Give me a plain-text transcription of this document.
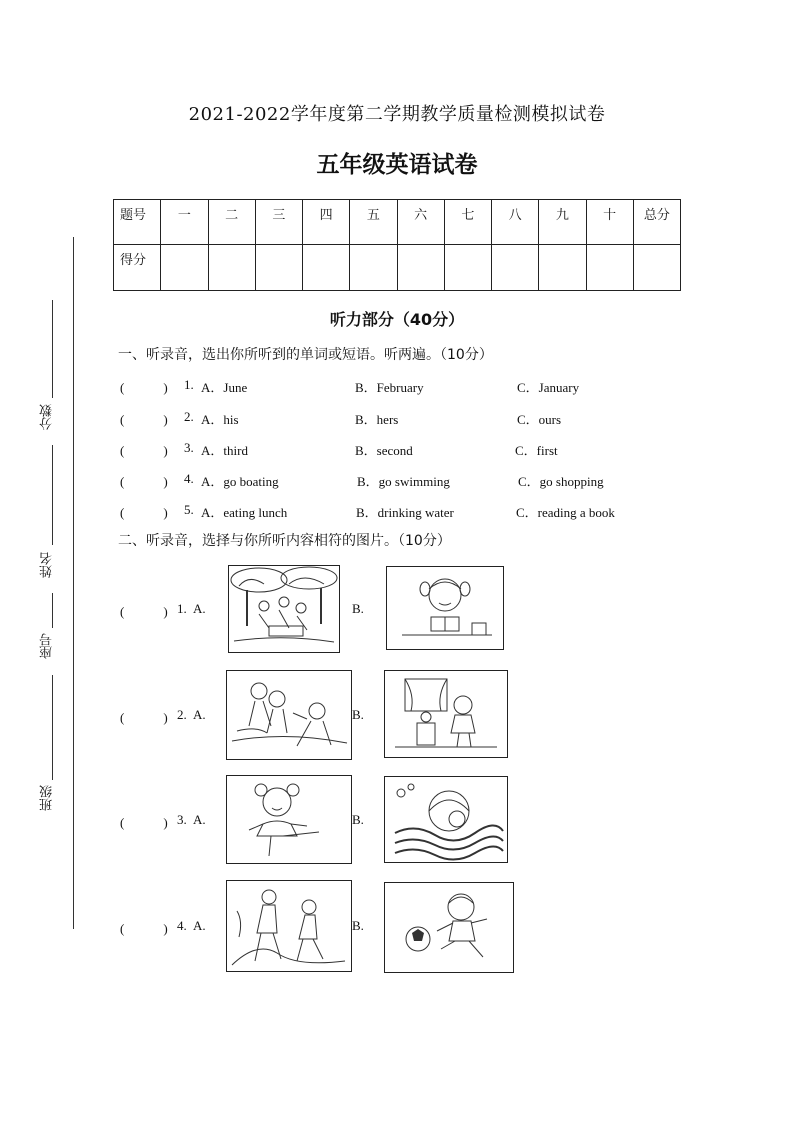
2021-2022学年度第二学期教学质量检测模拟试卷
五年级英语试卷
题号	一	二	三	四	五	六	七	八	九	十	总分
得分											
分数
姓名
座号
班级
听力部分（40分）
一、听录音，选出你所听到的单词或短语。听两遍。（10分）
(　　　) 1. A．June	B．February	C．January
(　　　) 2. A．his	B．hers	C．ours
(　　　) 3. A．third	B．second	C．first
(　　　) 4. A．go boating	B．go swimming	C．go shopping
(　　　) 5. A．eating lunch	B．drinking water	C．reading a book
二、听录音，选择与你所听内容相符的图片。（10分）
(　　　) 1. A.	B.
(　　　) 2. A.	B.
(　　　) 3. A.	B.
(　　　) 4. A.	B.
